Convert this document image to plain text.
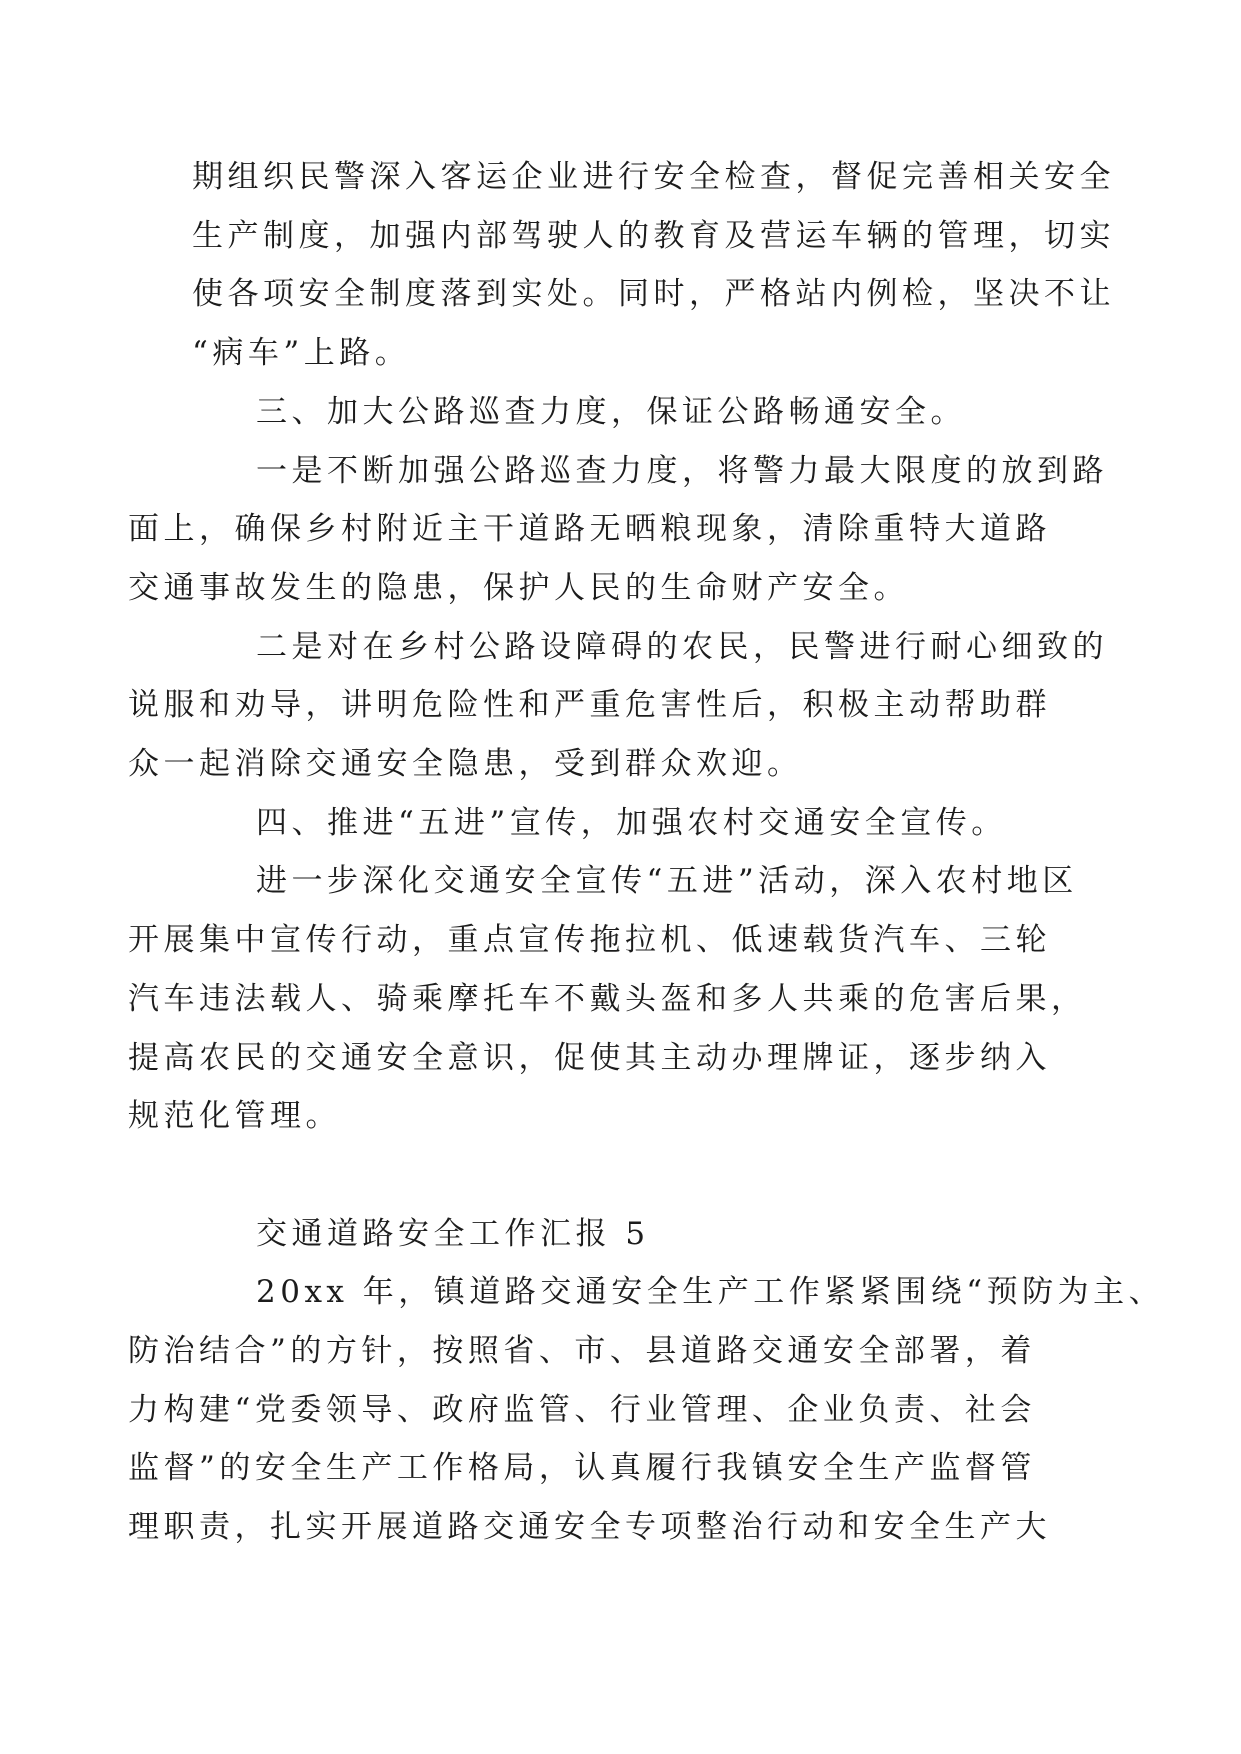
期组织民警深入客运企业进行安全检查，督促完善相关安全
生产制度，加强内部驾驶人的教育及营运车辆的管理，切实
使各项安全制度落到实处。同时，严格站内例检，坚决不让
“病车”上路。

三、加大公路巡查力度，保证公路畅通安全。

一是不断加强公路巡查力度，将警力最大限度的放到路
面上，确保乡村附近主干道路无晒粮现象，清除重特大道路
交通事故发生的隐患，保护人民的生命财产安全。

二是对在乡村公路设障碍的农民，民警进行耐心细致的
说服和劝导，讲明危险性和严重危害性后，积极主动帮助群
众一起消除交通安全隐患，受到群众欢迎。

四、推进“五进”宣传，加强农村交通安全宣传。

进一步深化交通安全宣传“五进”活动，深入农村地区
开展集中宣传行动，重点宣传拖拉机、低速载货汽车、三轮
汽车违法载人、骑乘摩托车不戴头盔和多人共乘的危害后果，
提高农民的交通安全意识，促使其主动办理牌证，逐步纳入
规范化管理。

交通道路安全工作汇报 5

20xx 年，镇道路交通安全生产工作紧紧围绕“预防为主、
防治结合”的方针，按照省、市、县道路交通安全部署，着
力构建“党委领导、政府监管、行业管理、企业负责、社会
监督”的安全生产工作格局，认真履行我镇安全生产监督管
理职责，扎实开展道路交通安全专项整治行动和安全生产大
